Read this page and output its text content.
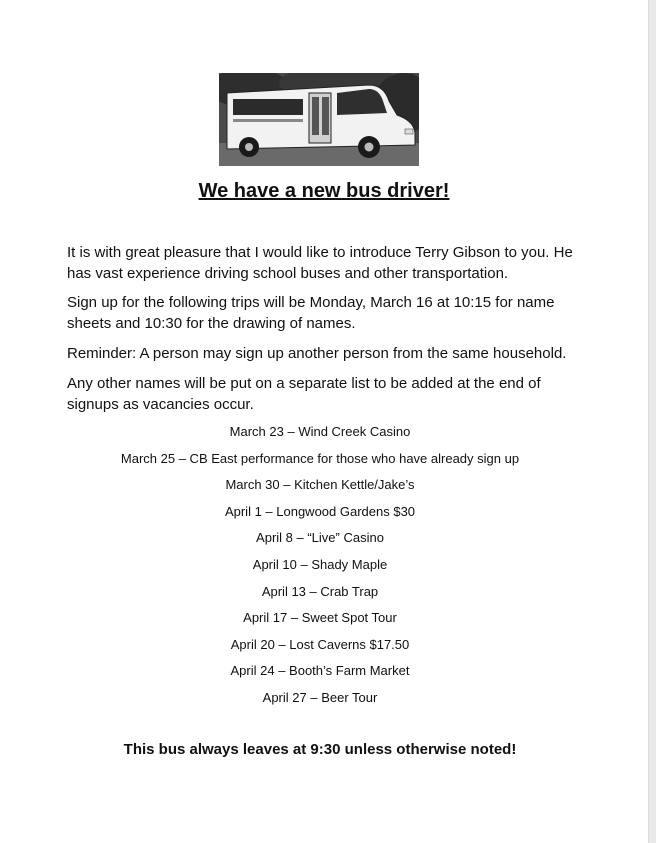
We have a new bus driver!

It is with great pleasure that I would like to introduce Terry Gibson to you. He has vast experience driving school buses and other transportation.

Sign up for the following trips will be Monday, March 16 at 10:15 for name sheets and 10:30 for the drawing of names.

Reminder: A person may sign up another person from the same household.

Any other names will be put on a separate list to be added at the end of signups as vacancies occur.

March 23 – Wind Creek Casino
March 25 – CB East performance for those who have already sign up
March 30 – Kitchen Kettle/Jake’s
April 1 – Longwood Gardens $30
April 8 – “Live” Casino
April 10 – Shady Maple
April 13 – Crab Trap
April 17 – Sweet Spot Tour
April 20 – Lost Caverns $17.50
April 24 – Booth’s Farm Market
April 27 – Beer Tour

This bus always leaves at 9:30 unless otherwise noted!
